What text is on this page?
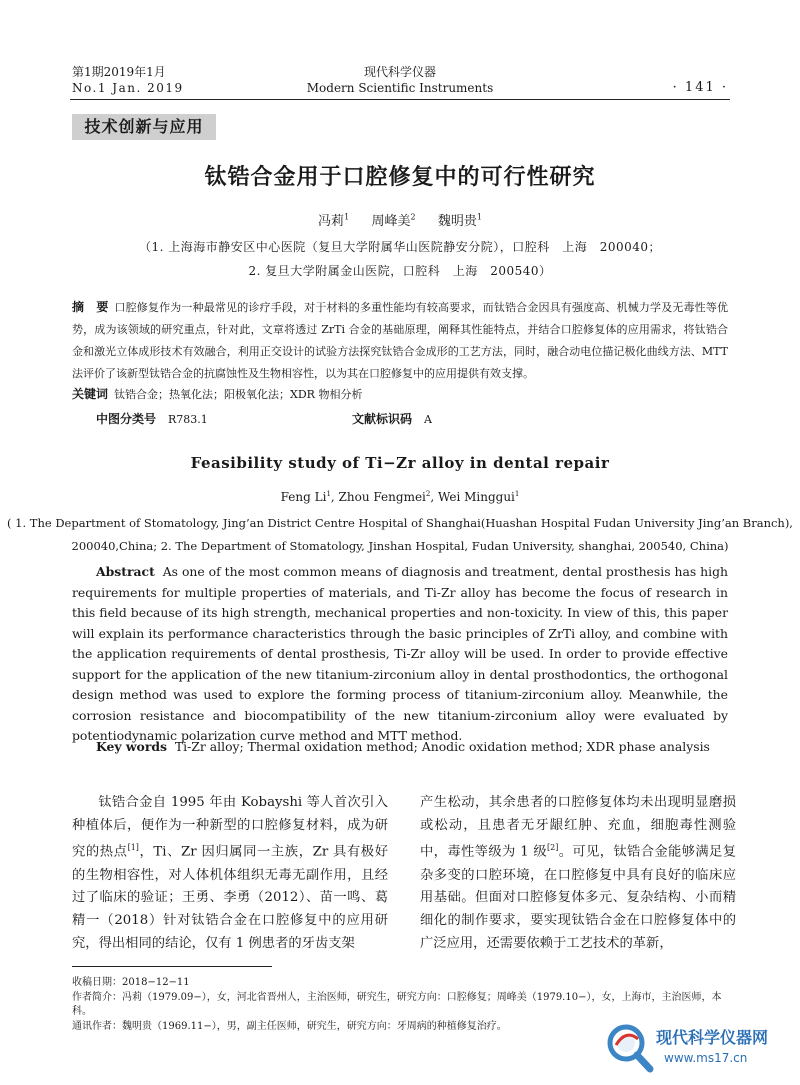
第1期2019年1月
No.1 Jan. 2019
现代科学仪器
Modern Scientific Instruments	· 141 ·
技术创新与应用
钛锆合金用于口腔修复中的可行性研究
冯莉$^1$ 周峰美$^2$ 魏明贵$^1$
（1. 上海海市静安区中心医院（复旦大学附属华山医院静安分院），口腔科　上海　200040；
2. 复旦大学附属金山医院，口腔科　上海　200540）
摘　要 口腔修复作为一种最常见的诊疗手段，对于材料的多重性能均有较高要求，而钛锆合金因具有强度高、机械力学及无毒性等优势，成为该领域的研究重点，针对此，文章将透过 ZrTi 合金的基础原理，阐释其性能特点，并结合口腔修复体的应用需求，将钛锆合金和激光立体成形技术有效融合，利用正交设计的试验方法探究钛锆合金成形的工艺方法，同时，融合动电位描记极化曲线方法、MTT 法评价了该新型钛锆合金的抗腐蚀性及生物相容性，以为其在口腔修复中的应用提供有效支撑。
关键词 钛锆合金；热氧化法；阳极氧化法；XDR 物相分析
中图分类号 R783.1	文献标识码 A
Feasibility study of Ti−Zr alloy in dental repair
Feng Li$^1$, Zhou Fengmei$^2$, Wei Minggui$^1$
( 1. The Department of Stomatology, Jing’an District Centre Hospital of Shanghai(Huashan Hospital Fudan University Jing’an Branch),
200040,China; 2. The Department of Stomatology, Jinshan Hospital, Fudan University, shanghai, 200540, China)
Abstract As one of the most common means of diagnosis and treatment, dental prosthesis has high requirements for multiple properties of materials, and Ti-Zr alloy has become the focus of research in this field because of its high strength, mechanical properties and non-toxicity. In view of this, this paper will explain its performance characteristics through the basic principles of ZrTi alloy, and combine with the application requirements of dental prosthesis, Ti-Zr alloy will be used. In order to provide effective support for the application of the new titanium-zirconium alloy in dental prosthodontics, the orthogonal design method was used to explore the forming process of titanium-zirconium alloy. Meanwhile, the corrosion resistance and biocompatibility of the new titanium-zirconium alloy were evaluated by potentiodynamic polarization curve method and MTT method.
Key words Ti-Zr alloy; Thermal oxidation method; Anodic oxidation method; XDR phase analysis
钛锆合金自 1995 年由 Kobayshi 等人首次引入种植体后，便作为一种新型的口腔修复材料，成为研究的热点[1]，Ti、Zr 因归属同一主族，Zr 具有极好的生物相容性，对人体机体组织无毒无副作用，且经过了临床的验证；王勇、李勇（2012）、苗一鸣、葛精一（2018）针对钛锆合金在口腔修复中的应用研究，得出相同的结论，仅有 1 例患者的牙齿支架
产生松动，其余患者的口腔修复体均未出现明显磨损或松动，且患者无牙龈红肿、充血，细胞毒性测验中，毒性等级为 1 级[2]。可见，钛锆合金能够满足复杂多变的口腔环境，在口腔修复中具有良好的临床应用基础。但面对口腔修复体多元、复杂结构、小而精细化的制作要求，要实现钛锆合金在口腔修复体中的广泛应用，还需要依赖于工艺技术的革新，
收稿日期：2018−12−11
作者简介：冯莉（1979.09−），女，河北省晋州人，主治医师，研究生，研究方向：口腔修复；周峰美（1979.10−），女，上海市，主治医师，本科。
通讯作者：魏明贵（1969.11−），男，副主任医师，研究生，研究方向：牙周病的种植修复治疗。
现代科学仪器网
www.ms17.cn
